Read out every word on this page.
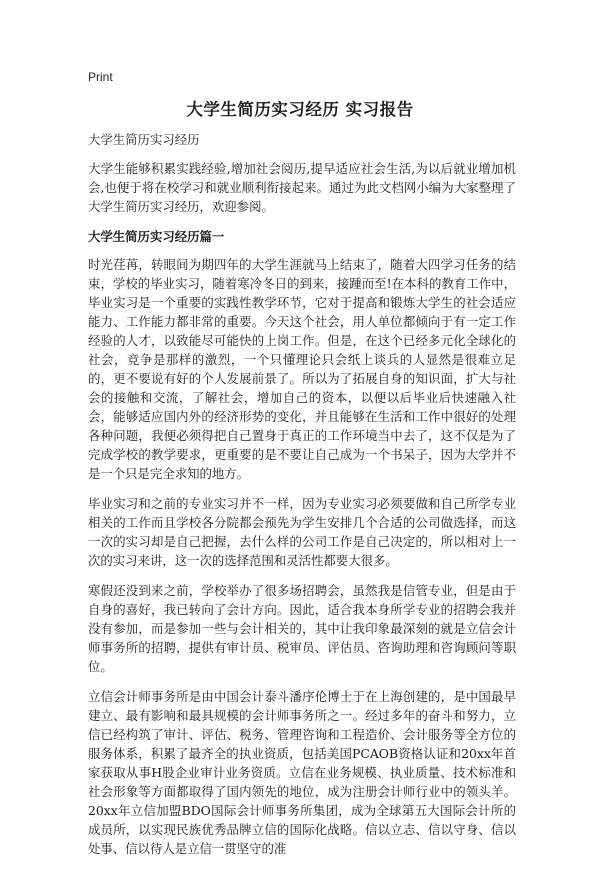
Print
大学生简历实习经历 实习报告

大学生简历实习经历

大学生能够积累实践经验,增加社会阅历,提早适应社会生活,为以后就业增加机会,也便于将在校学习和就业顺利衔接起来。通过为此文档网小编为大家整理了大学生简历实习经历，欢迎参阅。

大学生简历实习经历篇一

时光荏苒，转眼间为期四年的大学生涯就马上结束了，随着大四学习任务的结束，学校的毕业实习，随着寒冷冬日的到来，接踵而至!在本科的教育工作中，毕业实习是一个重要的实践性教学环节，它对于提高和锻炼大学生的社会适应能力、工作能力都非常的重要。今天这个社会，用人单位都倾向于有一定工作经验的人才，以致能尽可能快的上岗工作。但是，在这个已经多元化全球化的社会，竞争是那样的激烈，一个只懂理论只会纸上谈兵的人显然是很难立足的，更不要说有好的个人发展前景了。所以为了拓展自身的知识面，扩大与社会的接触和交流，了解社会，增加自己的资本，以便以后毕业后快速融入社会，能够适应国内外的经济形势的变化，并且能够在生活和工作中很好的处理各种问题，我便必须得把自己置身于真正的工作环境当中去了，这不仅是为了完成学校的教学要求，更重要的是不要让自己成为一个书呆子，因为大学并不是一个只是完全求知的地方。

毕业实习和之前的专业实习并不一样，因为专业实习必须要做和自己所学专业相关的工作而且学校各分院都会预先为学生安排几个合适的公司做选择，而这一次的实习却是自己把握，去什么样的公司工作是自己决定的，所以相对上一次的实习来讲，这一次的选择范围和灵活性都要大很多。

寒假还没到来之前，学校举办了很多场招聘会，虽然我是信管专业，但是由于自身的喜好，我已转向了会计方向。因此，适合我本身所学专业的招聘会我并没有参加，而是参加一些与会计相关的，其中让我印象最深刻的就是立信会计师事务所的招聘，提供有审计员、税审员、评估员、咨询助理和咨询顾问等职位。

立信会计师事务所是由中国会计泰斗潘序伦博士于在上海创建的，是中国最早建立、最有影响和最具规模的会计师事务所之一。经过多年的奋斗和努力，立信已经构筑了审计、评估、税务、管理咨询和工程造价、会计服务等全方位的服务体系，积累了最齐全的执业资质，包括美国PCAOB资格认证和20xx年首家获取从事H股企业审计业务资质。立信在业务规模、执业质量、技术标准和社会形象等方面都取得了国内领先的地位，成为注册会计师行业中的领头羊。20xx年立信加盟BDO国际会计师事务所集团，成为全球第五大国际会计所的成员所，以实现民族优秀品牌立信的国际化战略。信以立志、信以守身、信以处事、信以待人是立信一贯坚守的准
